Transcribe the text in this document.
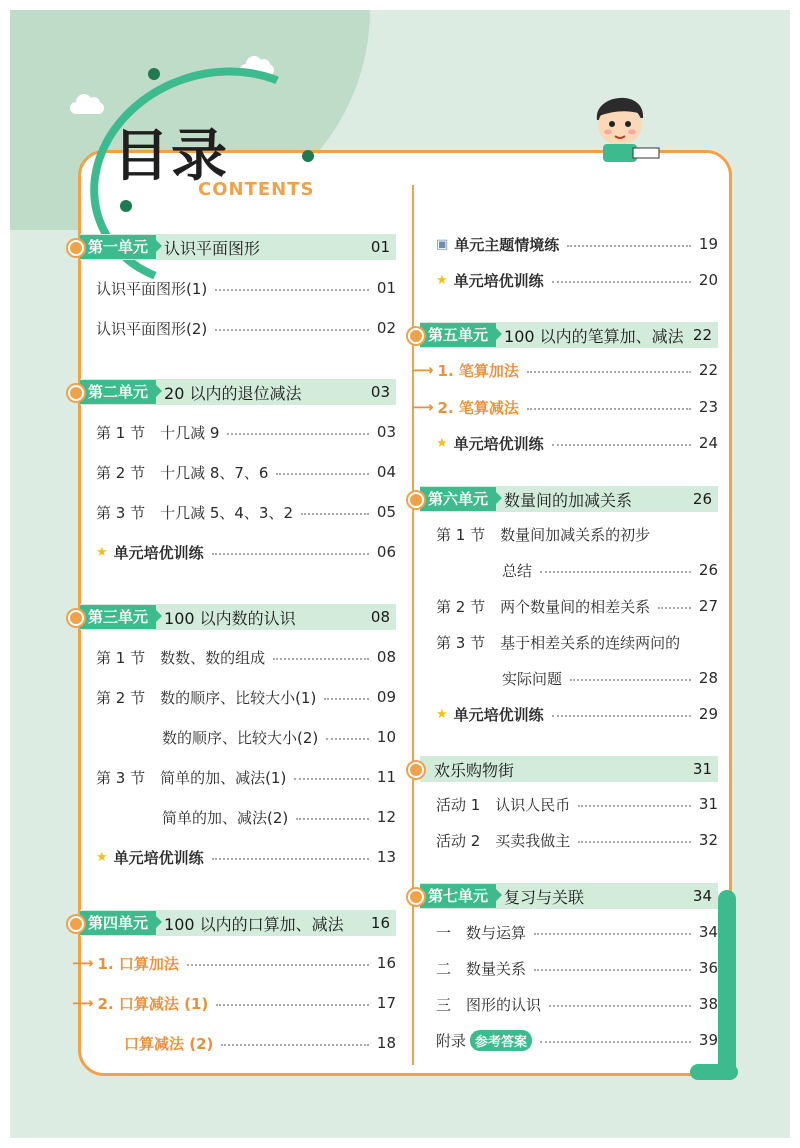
目录
CONTENTS
第一单元	认识平面图形	01
认识平面图形(1)	01
认识平面图形(2)	02
第二单元	20 以内的退位减法	03
第 1 节　十几减 9	03
第 2 节　十几减 8、7、6	04
第 3 节　十几减 5、4、3、2	05
★ 单元培优训练	06
第三单元	100 以内数的认识	08
第 1 节　数数、数的组成	08
第 2 节　数的顺序、比较大小(1)	09
数的顺序、比较大小(2)	10
第 3 节　简单的加、减法(1)	11
简单的加、减法(2)	12
★ 单元培优训练	13
第四单元	100 以内的口算加、减法	16
⟶ 1. 口算加法	16
⟶ 2. 口算减法 (1)	17
口算减法 (2)	18
▣ 单元主题情境练	19
★ 单元培优训练	20
第五单元	100 以内的笔算加、减法 22
⟶ 1. 笔算加法	22
⟶ 2. 笔算减法	23
★ 单元培优训练	24
第六单元	数量间的加减关系	26
第 1 节　数量间加减关系的初步
总结	26
第 2 节　两个数量间的相差关系	27
第 3 节　基于相差关系的连续两问的
实际问题	28
★ 单元培优训练	29
欢乐购物街	31
活动 1　认识人民币	31
活动 2　买卖我做主	32
第七单元	复习与关联	34
一　数与运算	34
二　数量关系	36
三　图形的认识	38
附录 参考答案	39
